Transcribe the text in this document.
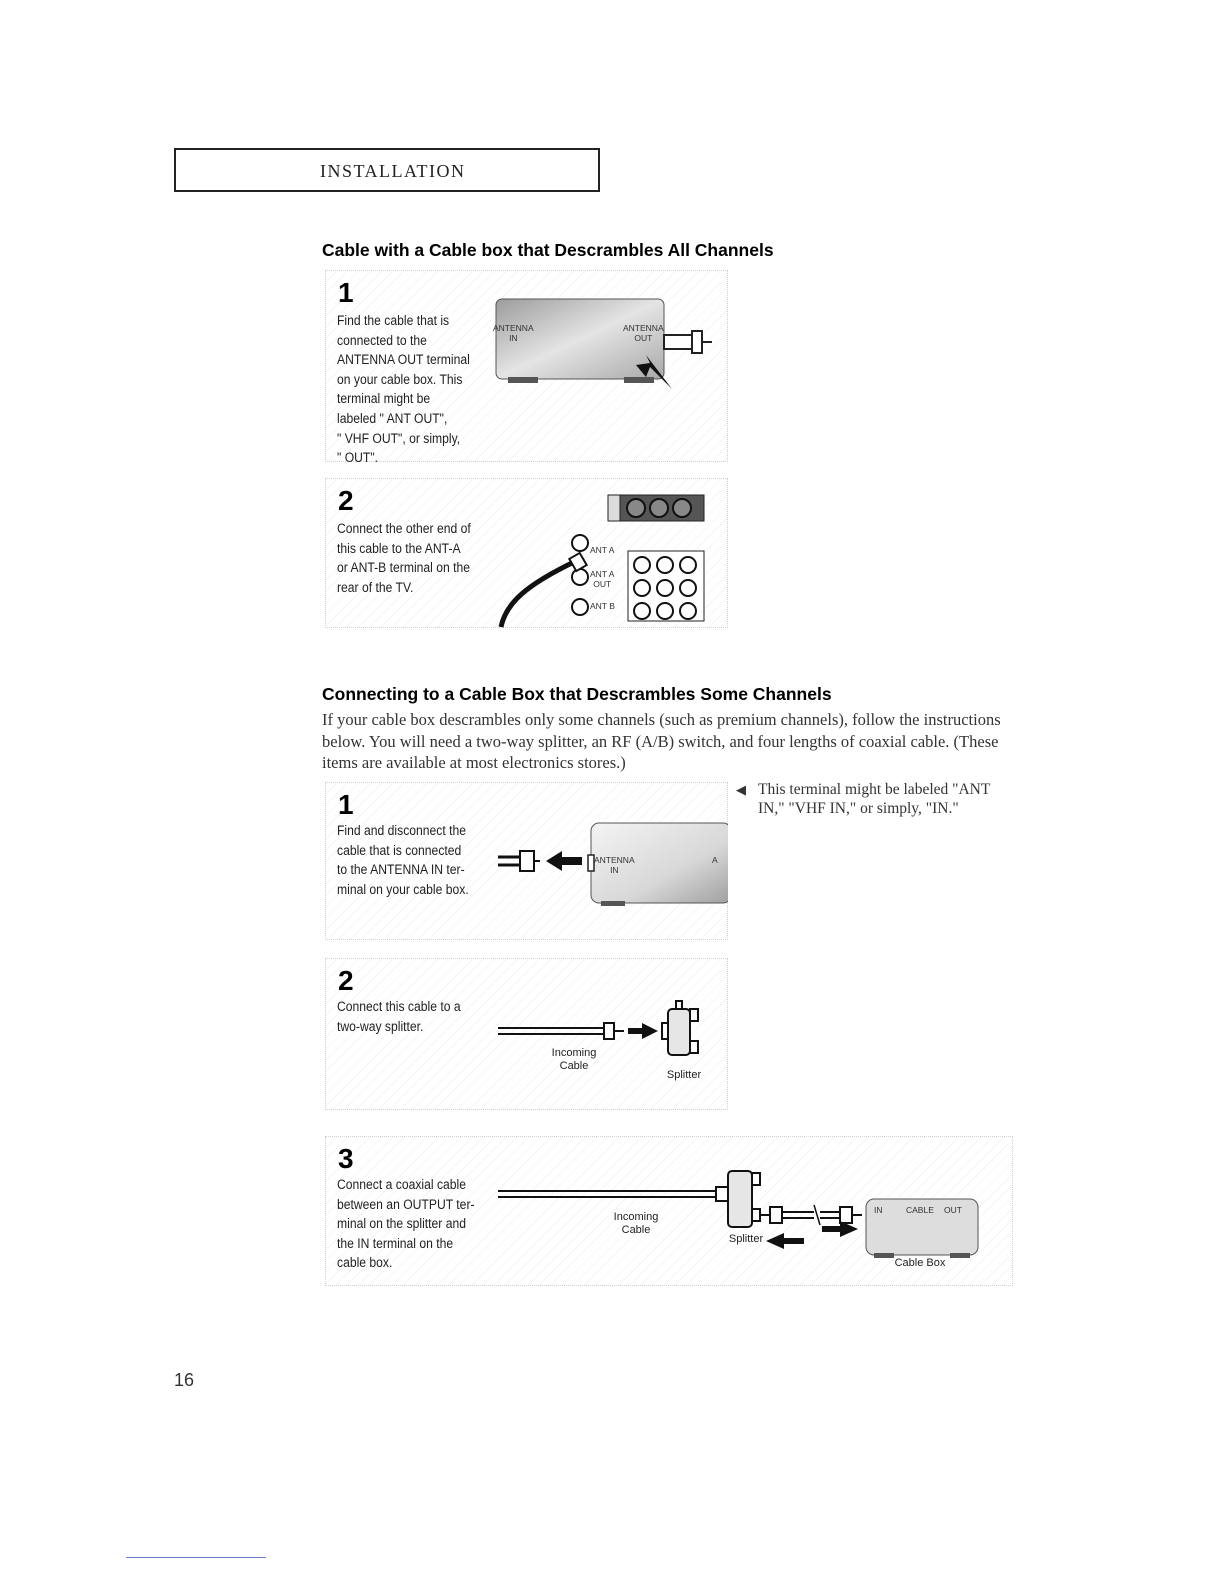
INSTALLATION
Cable with a Cable box that Descrambles All Channels
1
Find the cable that is
connected to the
ANTENNA OUT terminal
on your cable box. This
terminal might be
labeled " ANT OUT",
" VHF OUT", or simply,
" OUT".
ANTENNA
IN
ANTENNA
OUT
2
Connect the other end of
this cable to the ANT-A
or ANT-B terminal on the
rear of the TV.
ANT A
ANT A
OUT
ANT B
Connecting to a Cable Box that Descrambles Some Channels
If your cable box descrambles only some channels (such as premium channels), follow the instructions below. You will need a two-way splitter, an RF (A/B) switch, and four lengths of coaxial cable. (These items are available at most electronics stores.)
◀ This terminal might be labeled "ANT IN," "VHF IN," or simply, "IN."
1
Find and disconnect the
cable that is connected
to the ANTENNA IN ter-
minal on your cable box.
ANTENNA
IN
A
2
Connect this cable to a
two-way splitter.
Incoming
Cable
Splitter
3
Connect a coaxial cable
between an OUTPUT ter-
minal on the splitter and
the IN terminal on the
cable box.
Incoming
Cable
Splitter
Cable Box
IN	CABLE OUT
16
